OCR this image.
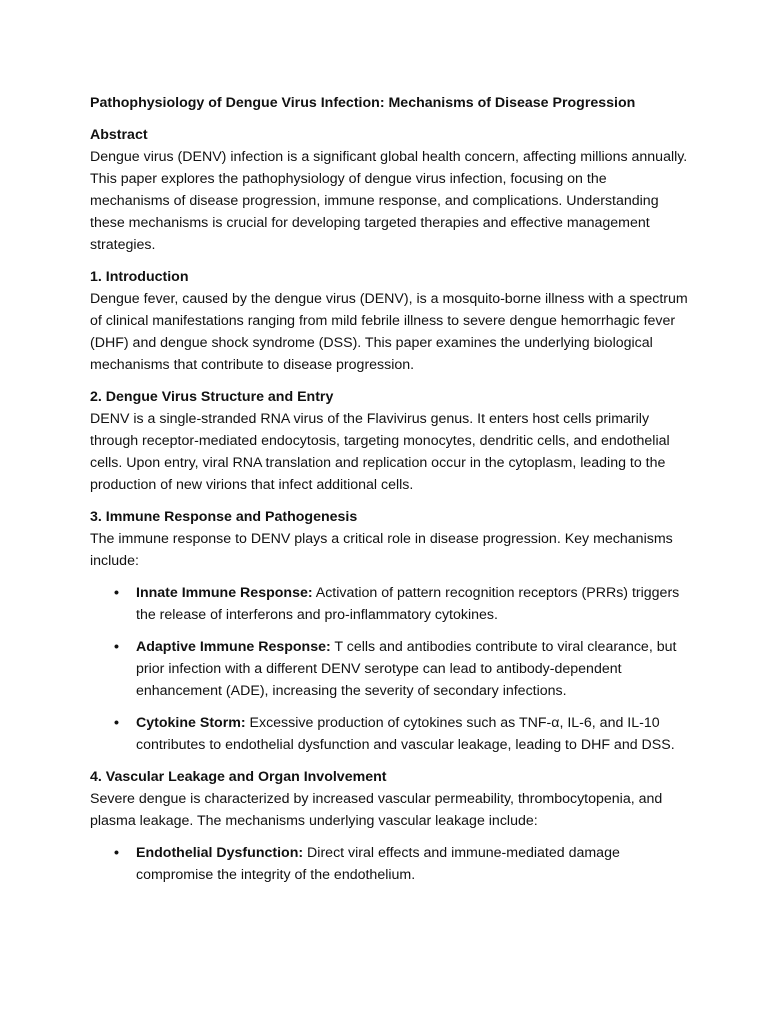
Pathophysiology of Dengue Virus Infection: Mechanisms of Disease Progression

Abstract

Dengue virus (DENV) infection is a significant global health concern, affecting millions annually. This paper explores the pathophysiology of dengue virus infection, focusing on the mechanisms of disease progression, immune response, and complications. Understanding these mechanisms is crucial for developing targeted therapies and effective management strategies.

1. Introduction

Dengue fever, caused by the dengue virus (DENV), is a mosquito-borne illness with a spectrum of clinical manifestations ranging from mild febrile illness to severe dengue hemorrhagic fever (DHF) and dengue shock syndrome (DSS). This paper examines the underlying biological mechanisms that contribute to disease progression.

2. Dengue Virus Structure and Entry

DENV is a single-stranded RNA virus of the Flavivirus genus. It enters host cells primarily through receptor-mediated endocytosis, targeting monocytes, dendritic cells, and endothelial cells. Upon entry, viral RNA translation and replication occur in the cytoplasm, leading to the production of new virions that infect additional cells.

3. Immune Response and Pathogenesis

The immune response to DENV plays a critical role in disease progression. Key mechanisms include:

• Innate Immune Response: Activation of pattern recognition receptors (PRRs) triggers the release of interferons and pro-inflammatory cytokines.
• Adaptive Immune Response: T cells and antibodies contribute to viral clearance, but prior infection with a different DENV serotype can lead to antibody-dependent enhancement (ADE), increasing the severity of secondary infections.
• Cytokine Storm: Excessive production of cytokines such as TNF-α, IL-6, and IL-10 contributes to endothelial dysfunction and vascular leakage, leading to DHF and DSS.

4. Vascular Leakage and Organ Involvement

Severe dengue is characterized by increased vascular permeability, thrombocytopenia, and plasma leakage. The mechanisms underlying vascular leakage include:

• Endothelial Dysfunction: Direct viral effects and immune-mediated damage compromise the integrity of the endothelium.
